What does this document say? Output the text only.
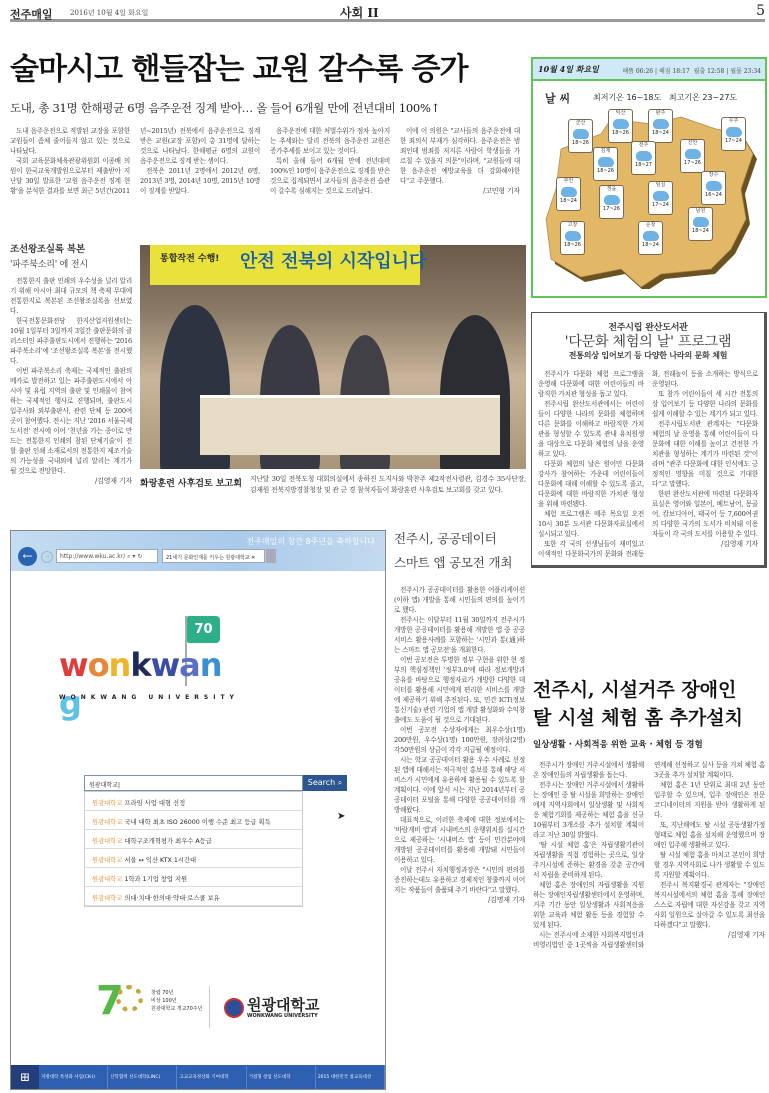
전주매일 2016년 10월 4일 화요일	사회 II	5
술마시고 핸들잡는 교원 갈수록 증가
도내, 총 31명 한해평균 6명 음주운전 징계 받아… 올 들어 6개월 만에 전년대비 100%↑

도내 음주운전으로 적발된 교장을 포함한 교원들이 좀체 줄어들지 않고 있는 것으로 나타났다.

국회 교육문화체육관광위원회 이종배 의원이 한국교육개발원으로부터 제출받아 지난달 30일 발표한 '교원 음주운전 징계 현황'을 분석한 결과를 보면 최근 5년간(2011년~2015년) 전북에서 음주운전으로 징계받은 교원(교장 포함)이 총 31명에 달하는 것으로 나타났다. 한해평균 6명의 교원이 음주운전으로 징계 받는 셈이다.

전북은 2011년 2명에서 2012년 6명, 2013년 3명, 2014년 10명, 2015년 10명이 징계를 받았다.

음주운전에 대한 처벌수위가 점차 높아지는 추세와는 달리 전북의 음주운전 교원은 증가추세를 보이고 있는 것이다.

특히 올해 들어 6개월 만에 전년대비 100%인 10명이 음주운전으로 징계를 받은 것으로 집계되면서 교사들의 음주운전 습관이 갈수록 심해지는 것으로 드러났다.

이에 이 의원은 "교사들의 음주운전에 대한 죄의식 부재가 심각하다. 음주운전은 범죄인데 범죄를 저지른 사람이 학생들을 가르칠 수 있을지 의문"이라며, "교원들에 대한 음주운전 예방교육을 더 강화해야한다"고 주문했다.

/고민형 기자
조선왕조실록 복본
'파주북소리' 에 전시

전통한지 출판 인쇄의 우수성을 널리 알리기 위해 아시아 최대 규모의 책 축제 무대에 전통한지로 복본된 조선왕조실록을 선보였다.

한국전통문화전당 한지산업지원센터는 10월 1일부터 3일까지 3일간 출판문화의 클러스터인 파주출판도시에서 진행하는 '2016 파주북소리'에 '조선왕조실록 복본'을 전시했다.

이번 파주북소리 축제는 국제적인 출판의 메카로 발전하고 있는 파주출판도시에서 아시아 및 유럽 지역의 출판 및 인쇄물이 참여하는 국제적인 행사로 진행되며, 출판도시 입주사와 외부출판사, 관련 단체 등 200여 곳이 참여했다. 전시는 지난 '2016 서울국제도서전' 전시에 이어 '천년을 가는 종이로 만드는 전통한지 인쇄의 참된 단체기술'이 전할 출판 인쇄 소재로서의 전통한지 제조기술의 가능성을 국내외에 널리 알리는 계기가 될 것으로 전망한다.

/김영재 기자
통합작전 수행! 안전 전북의 시작입니다
화랑훈련 사후검토 보고회	지난달 30일 전북도청 대회의실에서 송하진 도지사와 박찬주 제2작전사령관, 김경수 35사단장, 김재원 전북지방경찰청장 및 관 군 경 참석자들이 화랑훈련 사후검토 보고회를 갖고 있다.
10월 4일 화요일	해뜸 06:26 | 해짐 18:17 월출 12:58 | 월몰 23:34
날 씨	최저기온 16~18도 최고기온 23~27도
군산
18~26
익산
18~26
완주
18~24
무주
17~24
김제
18~26
전주
18~27
진안
17~26
부안
18~24
정읍
17~26
임실
17~24
장수
16~24
남원
18~24
고창
18~26
순창
18~24
전주시립 완산도서관
'다문화 체험의 날' 프로그램
전통의상 입어보기 등 다양한 나라의 문화 체험

전주시가 다문화 체험 프로그램을 운영해 다문화에 대한 어린이들의 바람직한 가치관 형성을 돕고 있다.

전주시립 완산도서관에서는 어린이들이 다양한 나라의 문화를 체험하며 다른 문화를 이해하고 바람직한 가치관을 형성할 수 있도록 관내 유치원생을 대상으로 다문화 체험의 날을 운영하고 있다.

다문화 체험의 날은 원어민 다문화 강사가 참여하는 가운데 어린이들이 다문화에 대해 이해할 수 있도록 줄고, 다문화에 대한 바람직한 가치관 형성을 위해 마련됐다.

체험 프로그램은 매주 목요일 오전 10시 30분 도서관 다문화자료실에서 실시되고 있다.

또한 각 국의 선생님들이 재미있고 이색적인 다문화국가의 문화와 전래동화, 전래놀이 등을 소개하는 방식으로 운영된다.

또 참가 어린이들이 세 시간 전통의상 입어보기 등 다양한 나라의 문화를 쉽게 이해할 수 있는 계기가 되고 있다.

전주시립도서관 관계자는 "다문화 체험의 날 운영을 통해 어린이들이 다문화에 대한 이해를 높이고 건전한 가치관을 형성하는 계기가 마련된 것"이라며 "관주 다문화에 대한 인식에도 긍정적인 영향을 미칠 것으로 기대한다"고 말했다.

한편 완산도서관에 마련된 다문화자료실은 영어와 일본어, 베트남어, 몽골어, 캄보디아어, 태국어 등 7,600여권의 다양한 국가의 도서가 비치돼 이용자들이 각 국의 도서를 이용할 수 있다.

/김영재 기자
전주매일의 창간 8주년을 축하합니다
←	→	http://www.wku.ac.kr/ ⌕ ▾ ↻	21세기 문화인재를 키우는 원광대학교 ✕
70
wonkwang
WONKWANG UNIVERSITY
원광대학교|	Search ⌕
원광대학교 프라임 사업 대형 선정
원광대학교 국내 대학 최초 ISO 26000 이행 수준 최고 등급 획득
원광대학교 대학구조개혁평가 최우수 A등급
원광대학교 서울 ↔ 익산 KTX 1시간대
원광대학교 1학과 1기업 창업 지원
원광대학교 의대·치대·한의대·약대·로스쿨 보유
➤
7	창립 70년
비상 100년
원광대학교 개교70주년	원광대학교
WONKWANG UNIVERSITY
⊞	지방대학 특성화 사업(CK-Ⅰ)	산학협력 선도대학(LINC)	고교교육정상화 기여대학	거점형 창업 선도대학	2015 대한민국 참교육대상
전주시, 공공데이터
스마트 앱 공모전 개최

전주시가 공공데이터를 활용한 어플리케이션(이하 앱) 개발을 통해 시민들의 편의를 높이기로 했다.

전주시는 이달부터 11월 30일까지 전주시가 개방한 공공데이터를 활용해 개발한 앱 중 공공서비스 활용사례를 포함하는 '시민과 통(通)하는 스마트 앱 공모전'을 개최한다.

이번 공모전은 투명한 정부 구현을 위한 현 정부의 핵심정책인 '정부3.0'에 따라 정보개방과 공유를 바탕으로 행정자료가 개방한 다양한 데이터를 활용해 시민에게 편리한 서비스를 개발에 제공하기 위해 추진된다. 또, 민간 ICT(정보통신기술) 관련 기업의 앱 개발 활성화와 수익창출에도 도움이 될 것으로 기대된다.

이번 공모전 수상자에게는 최우수상(1명) 200만원, 우수상(1명) 100만원, 장려상(2명) 각50만원의 상금이 각각 지급될 예정이다.

시는 학교 공공데이터 활용 우수 사례로 선정된 앱에 대해서는 적극적인 홍보를 통해 해당 서비스가 시민에게 유용하게 활용될 수 있도록 할 계획이다. 이에 앞서 시는 지난 2014년부터 공공데이터 포털을 통해 다양한 공공데이터를 개방해왔다.

대표적으로, 이러한 축제에 대한 정보에서는 '바람개비 앱'과 시내버스의 운행위치를 실시간으로 제공하는 '시내버스 앱' 등이 민간분야에 개방된 공공데이터를 활용해 개발돼 시민들이 이용하고 있다.

이날 전주시 자치행정과장은 "시민의 편의를 증진하는데도 유용하고 경제적인 창출까지 이어지는 작품들이 출품돼 주기 바란다"고 말했다.

/김명재 기자
전주시, 시설거주 장애인
탈 시설 체험 홈 추가설치
일상생활 · 사회적응 위한 교육 · 체험 등 경험

전주시가 장애인 거주시설에서 생활해온 장애인들의 자립생활을 돕는다.

전주시는 장애인 거주시설에서 생활하는 장애인 중 탈 시설을 희망하는 장애인에게 지역사회에서 일상생활 및 사회적응 체험기회를 제공하는 체험 홈을 신규 10월부터 3개소를 추가 설치할 계획이라고 지난 30일 밝혔다.

'탈 시설 체험 홈'은 자립생활기관이 자립생활을 직접 경험하는 곳으로, 일상 주거시설에 준하는 환경을 갖춘 공간에서 자립을 준비하게 된다.

체험 홈은 장애인의 자립생활을 지원하는 장애인자립생활센터에서 운영하며, 거주 기간 동안 일상생활과 사회적응을 위한 교육과 체험 활동 등을 경험할 수 있게 된다.

시는 전주시에 소재한 사회복지법인과 비영리법인 중 1곳씩을 자립생활센터와 연계해 선정하고 실사 등을 거쳐 체험 홈 3곳을 추가 설치할 계획이다.

체험 홈은 1년 단위로 최대 2년 동안 입주할 수 있으며, 입주 장애인은 전문 코디네이터의 지원을 받아 생활하게 된다.

또, 지난해에도 탈 시설 공동생활가정 형태로 체험 홈을 설치해 운영했으며 장애인 입주해 생활하고 있다.

탈 시설 체험 홈을 마치고 본인이 희망할 경우 지역사회로 나가 생활할 수 있도록 지원할 계획이다.

전주시 복지환경국 관계자는 "장애인복지시설에서의 체험 홈을 통해 장애인 스스로 자립에 대한 자신감을 갖고 지역사회 일원으로 살아갈 수 있도록 최선을 다하겠다"고 말했다.

/김영재 기자
